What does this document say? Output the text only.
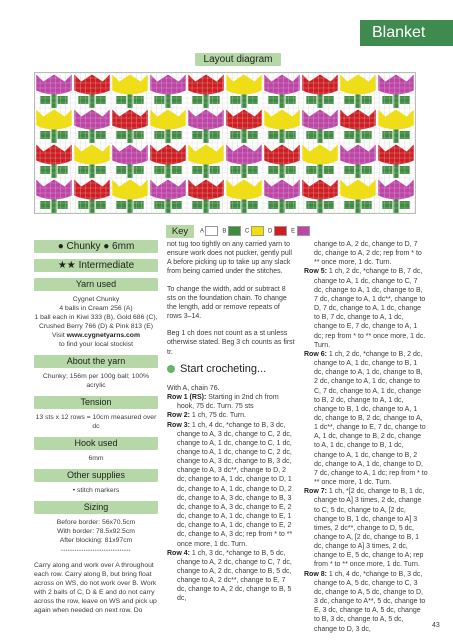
Blanket
Layout diagram
Key	A	B	C	D	E
● Chunky ● 6mm
★★ Intermediate
Yarn used
Cygnet Chunky
4 balls in Cream 256 (A)
1 ball each in Kiwi 333 (B), Gold 686 (C),
Crushed Berry 766 (D) & Pink 813 (E)
Visit www.cygnetyarns.com
to find your local stockist
About the yarn
Chunky; 156m per 100g ball; 100% acrylic
Tension
13 sts x 12 rows = 10cm measured over dc
Hook used
6mm
Other supplies
• stitch markers
Sizing
Before border: 56x70.5cm
With border: 78.5x92.5cm
After blocking: 81x97cm
•••••••••••••••••••••••••••••••
Carry along and work over A throughout each row. Carry along B, but bring float across on WS, do not work over B. Work with 2 balls of C, D & E and do not carry across the row, leave on WS and pick up again when needed on next row. Do

not tug too tightly on any carried yarn to ensure work does not pucker, gently pull A before picking up to take up any slack from being carried under the stitches.

To change the width, add or subtract 8 sts on the foundation chain. To change the length, add or remove repeats of rows 3–14.

Beg 1 ch does not count as a st unless otherwise stated. Beg 3 ch counts as first tr.

Start crocheting...
With A, chain 76.
Row 1 (RS): Starting in 2nd ch from hook, 75 dc. Turn. 75 sts
Row 2: 1 ch, 75 dc. Turn.
Row 3: 1 ch, 4 dc, *change to B, 3 dc, change to A, 3 dc, change to C, 2 dc, change to A, 1 dc, change to C, 1 dc, change to A, 1 dc, change to C, 2 dc, change to A, 3 dc, change to B, 3 dc, change to A, 3 dc**, change to D, 2 dc, change to A, 1 dc, change to D, 1 dc, change to A, 1 dc, change to D, 2 dc, change to A, 3 dc, change to B, 3 dc, change to A, 3 dc, change to E, 2 dc, change to A, 1 dc, change to E, 1 dc, change to A, 1 dc, change to E, 2 dc, change to A, 3 dc; rep from * to ** once more, 1 dc. Turn.
Row 4: 1 ch, 3 dc, *change to B, 5 dc, change to A, 2 dc, change to C, 7 dc, change to A, 2 dc, change to B, 5 dc, change to A, 2 dc**, change to E, 7 dc, change to A, 2 dc, change to B, 5 dc,
change to A, 2 dc, change to D, 7 dc, change to A, 2 dc; rep from * to ** once more, 1 dc. Turn.
Row 5: 1 ch, 2 dc, *change to B, 7 dc, change to A, 1 dc, change to C, 7 dc, change to A, 1 dc, change to B, 7 dc, change to A, 1 dc**, change to D, 7 dc, change to A, 1 dc, change to B, 7 dc, change to A, 1 dc, change to E, 7 dc, change to A, 1 dc; rep from * to ** once more, 1 dc. Turn.
Row 6: 1 ch, 2 dc, *change to B, 2 dc, change to A, 1 dc, change to B, 1 dc, change to A, 1 dc, change to B, 2 dc, change to A, 1 dc, change to C, 7 dc, change to A, 1 dc, change to B, 2 dc, change to A, 1 dc, change to B, 1 dc, change to A, 1 dc, change to B, 2 dc, change to A, 1 dc**, change to E, 7 dc, change to A, 1 dc, change to B, 2 dc, change to A, 1 dc, change to B, 1 dc, change to A, 1 dc, change to B, 2 dc, change to A, 1 dc, change to D, 7 dc, change to A, 1 dc; rep from * to ** once more, 1 dc. Turn.
Row 7: 1 ch, *[2 dc, change to B, 1 dc, change to A] 3 times, 2 dc, change to C, 5 dc, change to A, [2 dc, change to B, 1 dc, change to A] 3 times, 2 dc**, change to D, 5 dc, change to A, [2 dc, change to B, 1 dc, change to A] 3 times, 2 dc, change to E, 5 dc, change to A; rep from * to ** once more, 1 dc. Turn.
Row 8: 1 ch, 4 dc, *change to B, 3 dc, change to A, 5 dc, change to C, 3 dc, change to A, 5 dc, change to D, 3 dc, change to A**, 5 dc, change to E, 3 dc, change to A, 5 dc, change to B, 3 dc, change to A, 5 dc, change to D, 3 dc,
43
